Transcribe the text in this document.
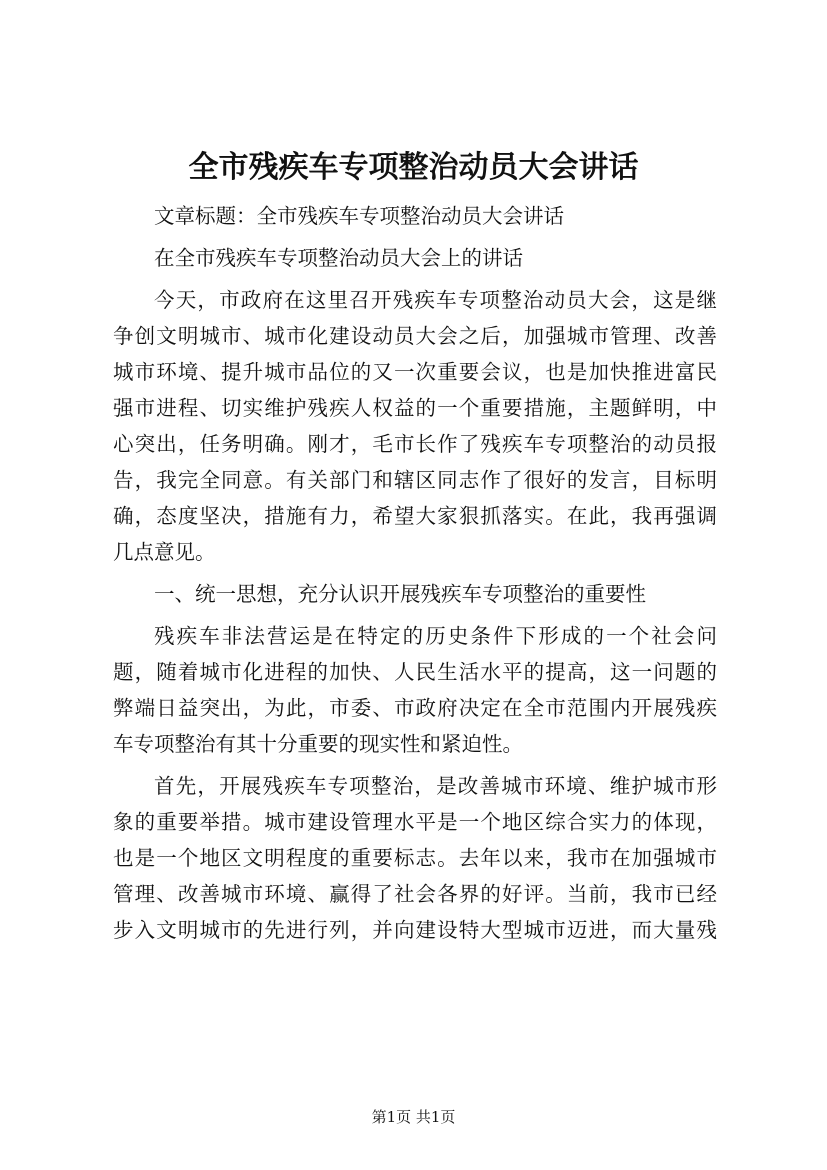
全市残疾车专项整治动员大会讲话
文章标题：全市残疾车专项整治动员大会讲话
在全市残疾车专项整治动员大会上的讲话
今天，市政府在这里召开残疾车专项整治动员大会，这是继
争创文明城市、城市化建设动员大会之后，加强城市管理、改善
城市环境、提升城市品位的又一次重要会议，也是加快推进富民
强市进程、切实维护残疾人权益的一个重要措施，主题鲜明，中
心突出，任务明确。刚才，毛市长作了残疾车专项整治的动员报
告，我完全同意。有关部门和辖区同志作了很好的发言，目标明
确，态度坚决，措施有力，希望大家狠抓落实。在此，我再强调
几点意见。
一、统一思想，充分认识开展残疾车专项整治的重要性
残疾车非法营运是在特定的历史条件下形成的一个社会问
题，随着城市化进程的加快、人民生活水平的提高，这一问题的
弊端日益突出，为此，市委、市政府决定在全市范围内开展残疾
车专项整治有其十分重要的现实性和紧迫性。
首先，开展残疾车专项整治，是改善城市环境、维护城市形
象的重要举措。城市建设管理水平是一个地区综合实力的体现，
也是一个地区文明程度的重要标志。去年以来，我市在加强城市
管理、改善城市环境、赢得了社会各界的好评。当前，我市已经
步入文明城市的先进行列，并向建设特大型城市迈进，而大量残
第1页 共1页
